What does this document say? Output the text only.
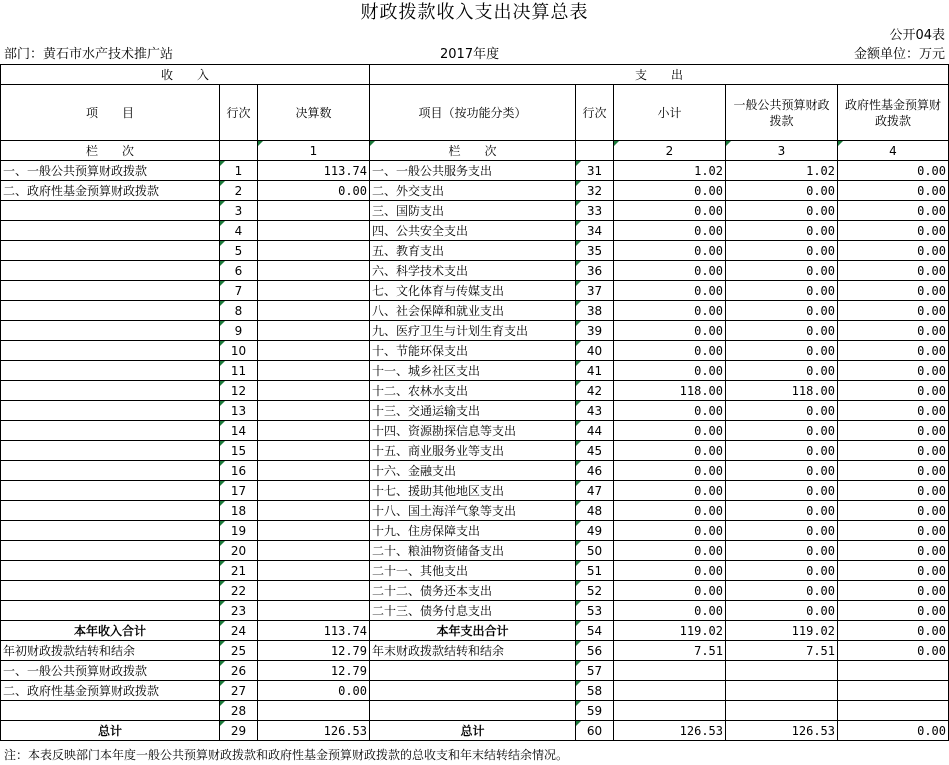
财政拨款收入支出决算总表
公开04表
部门：黄石市水产技术推广站	2017年度	金额单位：万元
收　　入			支　　出				
项　　目	行次	决算数	项目（按功能分类）	行次	小计	一般公共预算财政拨款	政府性基金预算财政拨款
栏　　次		1	栏　　次		2	3	4
一、一般公共预算财政拨款	1	113.74	一、一般公共服务支出	31	1.02	1.02	0.00
二、政府性基金预算财政拨款	2	0.00	二、外交支出	32	0.00	0.00	0.00
	3		三、国防支出	33	0.00	0.00	0.00
	4		四、公共安全支出	34	0.00	0.00	0.00
	5		五、教育支出	35	0.00	0.00	0.00
	6		六、科学技术支出	36	0.00	0.00	0.00
	7		七、文化体育与传媒支出	37	0.00	0.00	0.00
	8		八、社会保障和就业支出	38	0.00	0.00	0.00
	9		九、医疗卫生与计划生育支出	39	0.00	0.00	0.00
	10		十、节能环保支出	40	0.00	0.00	0.00
	11		十一、城乡社区支出	41	0.00	0.00	0.00
	12		十二、农林水支出	42	118.00	118.00	0.00
	13		十三、交通运输支出	43	0.00	0.00	0.00
	14		十四、资源勘探信息等支出	44	0.00	0.00	0.00
	15		十五、商业服务业等支出	45	0.00	0.00	0.00
	16		十六、金融支出	46	0.00	0.00	0.00
	17		十七、援助其他地区支出	47	0.00	0.00	0.00
	18		十八、国土海洋气象等支出	48	0.00	0.00	0.00
	19		十九、住房保障支出	49	0.00	0.00	0.00
	20		二十、粮油物资储备支出	50	0.00	0.00	0.00
	21		二十一、其他支出	51	0.00	0.00	0.00
	22		二十二、债务还本支出	52	0.00	0.00	0.00
	23		二十三、债务付息支出	53	0.00	0.00	0.00
本年收入合计	24	113.74	本年支出合计	54	119.02	119.02	0.00
年初财政拨款结转和结余	25	12.79	年末财政拨款结转和结余	56	7.51	7.51	0.00
一、一般公共预算财政拨款	26	12.79		57			
二、政府性基金预算财政拨款	27	0.00		58			
	28			59			
总计	29	126.53	总计	60	126.53	126.53	0.00
注：本表反映部门本年度一般公共预算财政拨款和政府性基金预算财政拨款的总收支和年末结转结余情况。
